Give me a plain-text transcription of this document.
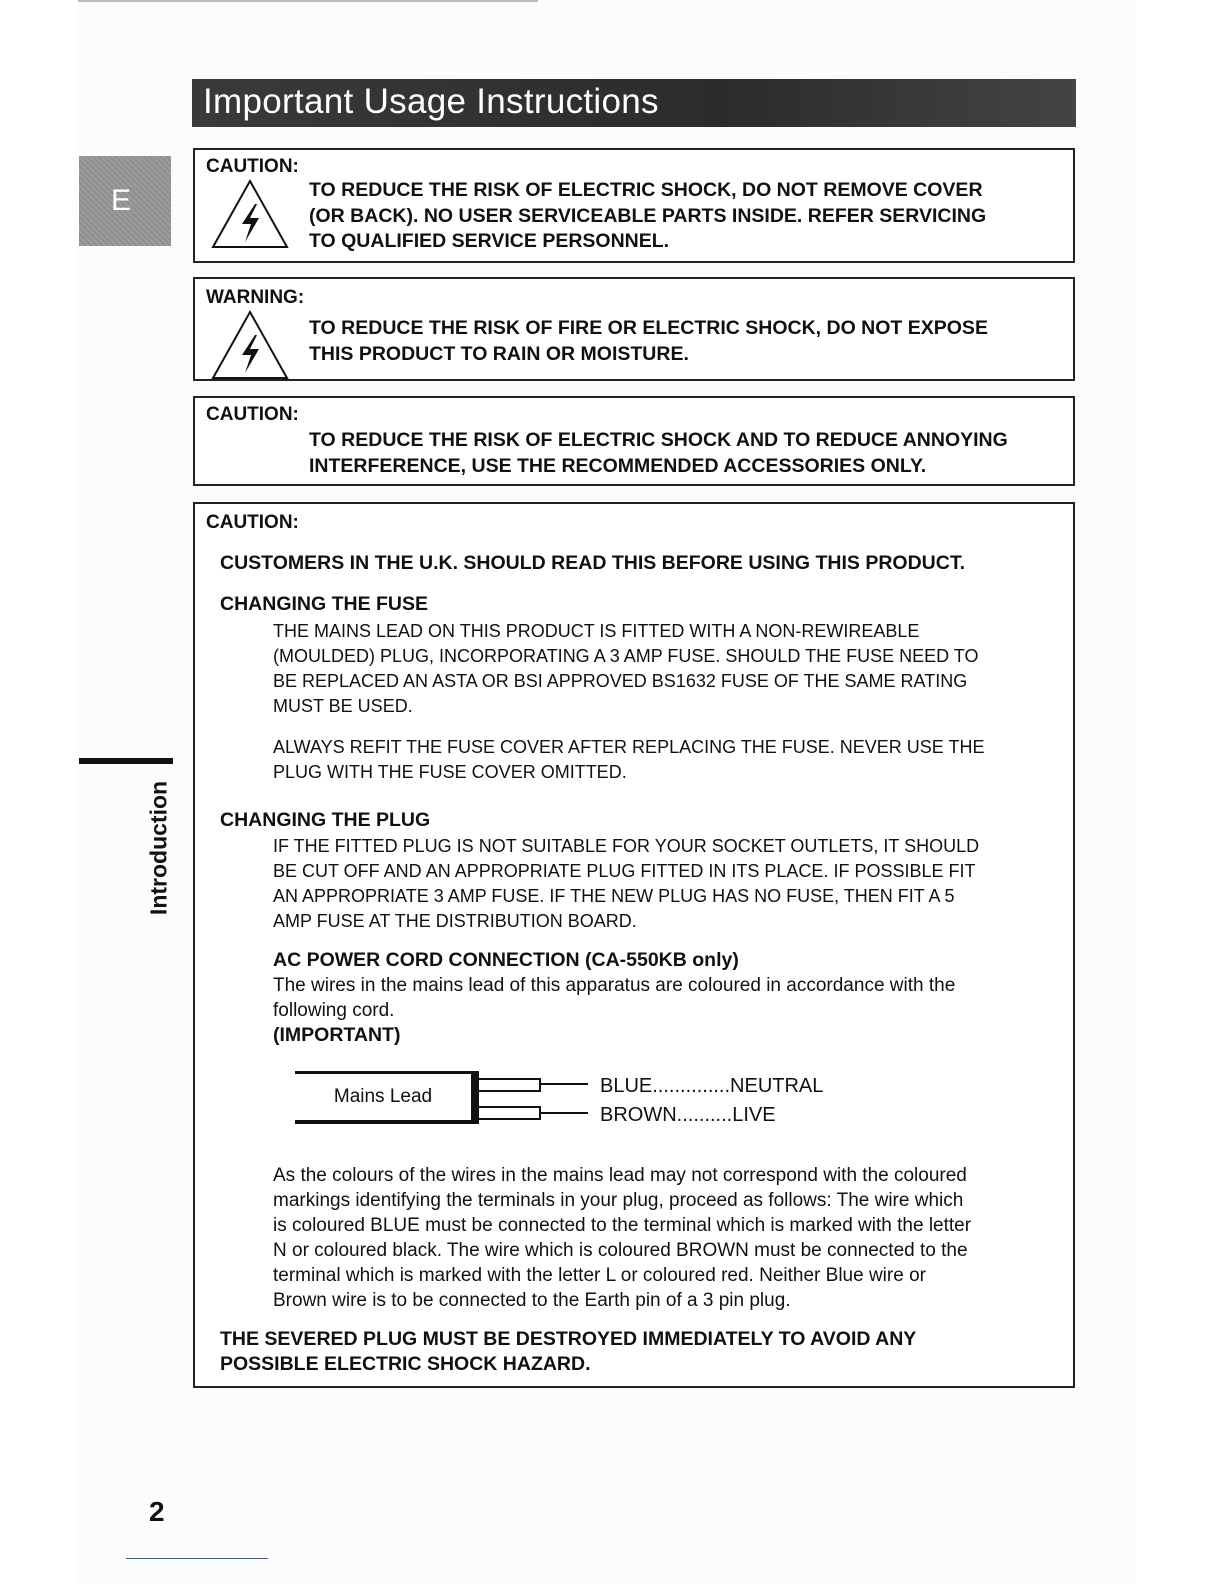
Important Usage Instructions
E
Introduction
CAUTION:
TO REDUCE THE RISK OF ELECTRIC SHOCK, DO NOT REMOVE COVER
(OR BACK). NO USER SERVICEABLE PARTS INSIDE. REFER SERVICING
TO QUALIFIED SERVICE PERSONNEL.
WARNING:
TO REDUCE THE RISK OF FIRE OR ELECTRIC SHOCK, DO NOT EXPOSE
THIS PRODUCT TO RAIN OR MOISTURE.
CAUTION:
TO REDUCE THE RISK OF ELECTRIC SHOCK AND TO REDUCE ANNOYING
INTERFERENCE, USE THE RECOMMENDED ACCESSORIES ONLY.
CAUTION:
CUSTOMERS IN THE U.K. SHOULD READ THIS BEFORE USING THIS PRODUCT.
CHANGING THE FUSE
THE MAINS LEAD ON THIS PRODUCT IS FITTED WITH A NON-REWIREABLE
(MOULDED) PLUG, INCORPORATING A 3 AMP FUSE. SHOULD THE FUSE NEED TO
BE REPLACED AN ASTA OR BSI APPROVED BS1632 FUSE OF THE SAME RATING
MUST BE USED.
ALWAYS REFIT THE FUSE COVER AFTER REPLACING THE FUSE. NEVER USE THE
PLUG WITH THE FUSE COVER OMITTED.
CHANGING THE PLUG
IF THE FITTED PLUG IS NOT SUITABLE FOR YOUR SOCKET OUTLETS, IT SHOULD
BE CUT OFF AND AN APPROPRIATE PLUG FITTED IN ITS PLACE. IF POSSIBLE FIT
AN APPROPRIATE 3 AMP FUSE. IF THE NEW PLUG HAS NO FUSE, THEN FIT A 5
AMP FUSE AT THE DISTRIBUTION BOARD.
AC POWER CORD CONNECTION (CA-550KB only)
The wires in the mains lead of this apparatus are coloured in accordance with the
following cord.
(IMPORTANT)
Mains Lead	BLUE..............NEUTRAL
BROWN..........LIVE
As the colours of the wires in the mains lead may not correspond with the coloured
markings identifying the terminals in your plug, proceed as follows: The wire which
is coloured BLUE must be connected to the terminal which is marked with the letter
N or coloured black. The wire which is coloured BROWN must be connected to the
terminal which is marked with the letter L or coloured red. Neither Blue wire or
Brown wire is to be connected to the Earth pin of a 3 pin plug.
THE SEVERED PLUG MUST BE DESTROYED IMMEDIATELY TO AVOID ANY
POSSIBLE ELECTRIC SHOCK HAZARD.
2
